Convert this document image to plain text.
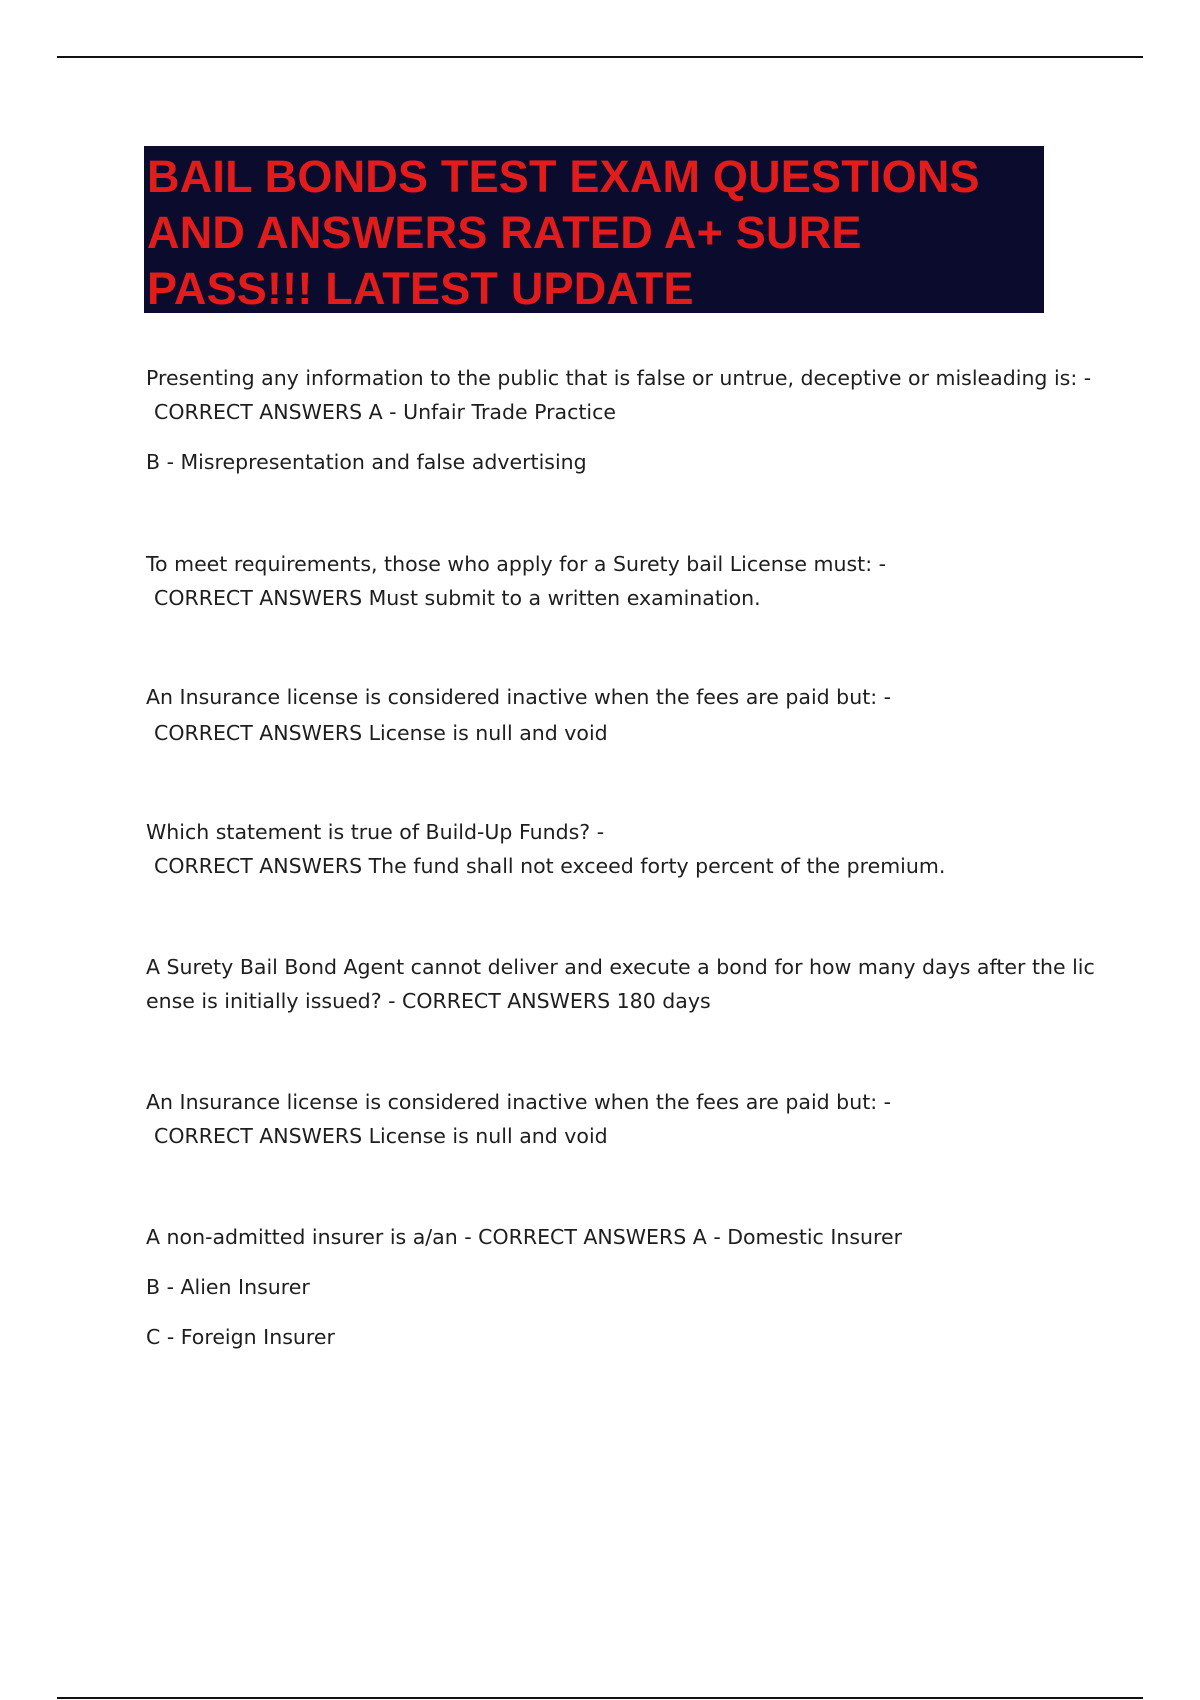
BAIL BONDS TEST EXAM QUESTIONS
AND ANSWERS RATED A+ SURE
PASS!!! LATEST UPDATE

Presenting any information to the public that is false or untrue, deceptive or misleading is: -

CORRECT ANSWERS A - Unfair Trade Practice

B - Misrepresentation and false advertising

To meet requirements, those who apply for a Surety bail License must: -

CORRECT ANSWERS Must submit to a written examination.

An Insurance license is considered inactive when the fees are paid but: -

CORRECT ANSWERS License is null and void

Which statement is true of Build-Up Funds? -

CORRECT ANSWERS The fund shall not exceed forty percent of the premium.

A Surety Bail Bond Agent cannot deliver and execute a bond for how many days after the lic

ense is initially issued? - CORRECT ANSWERS 180 days

An Insurance license is considered inactive when the fees are paid but: -

CORRECT ANSWERS License is null and void

A non-admitted insurer is a/an - CORRECT ANSWERS A - Domestic Insurer

B - Alien Insurer

C - Foreign Insurer
